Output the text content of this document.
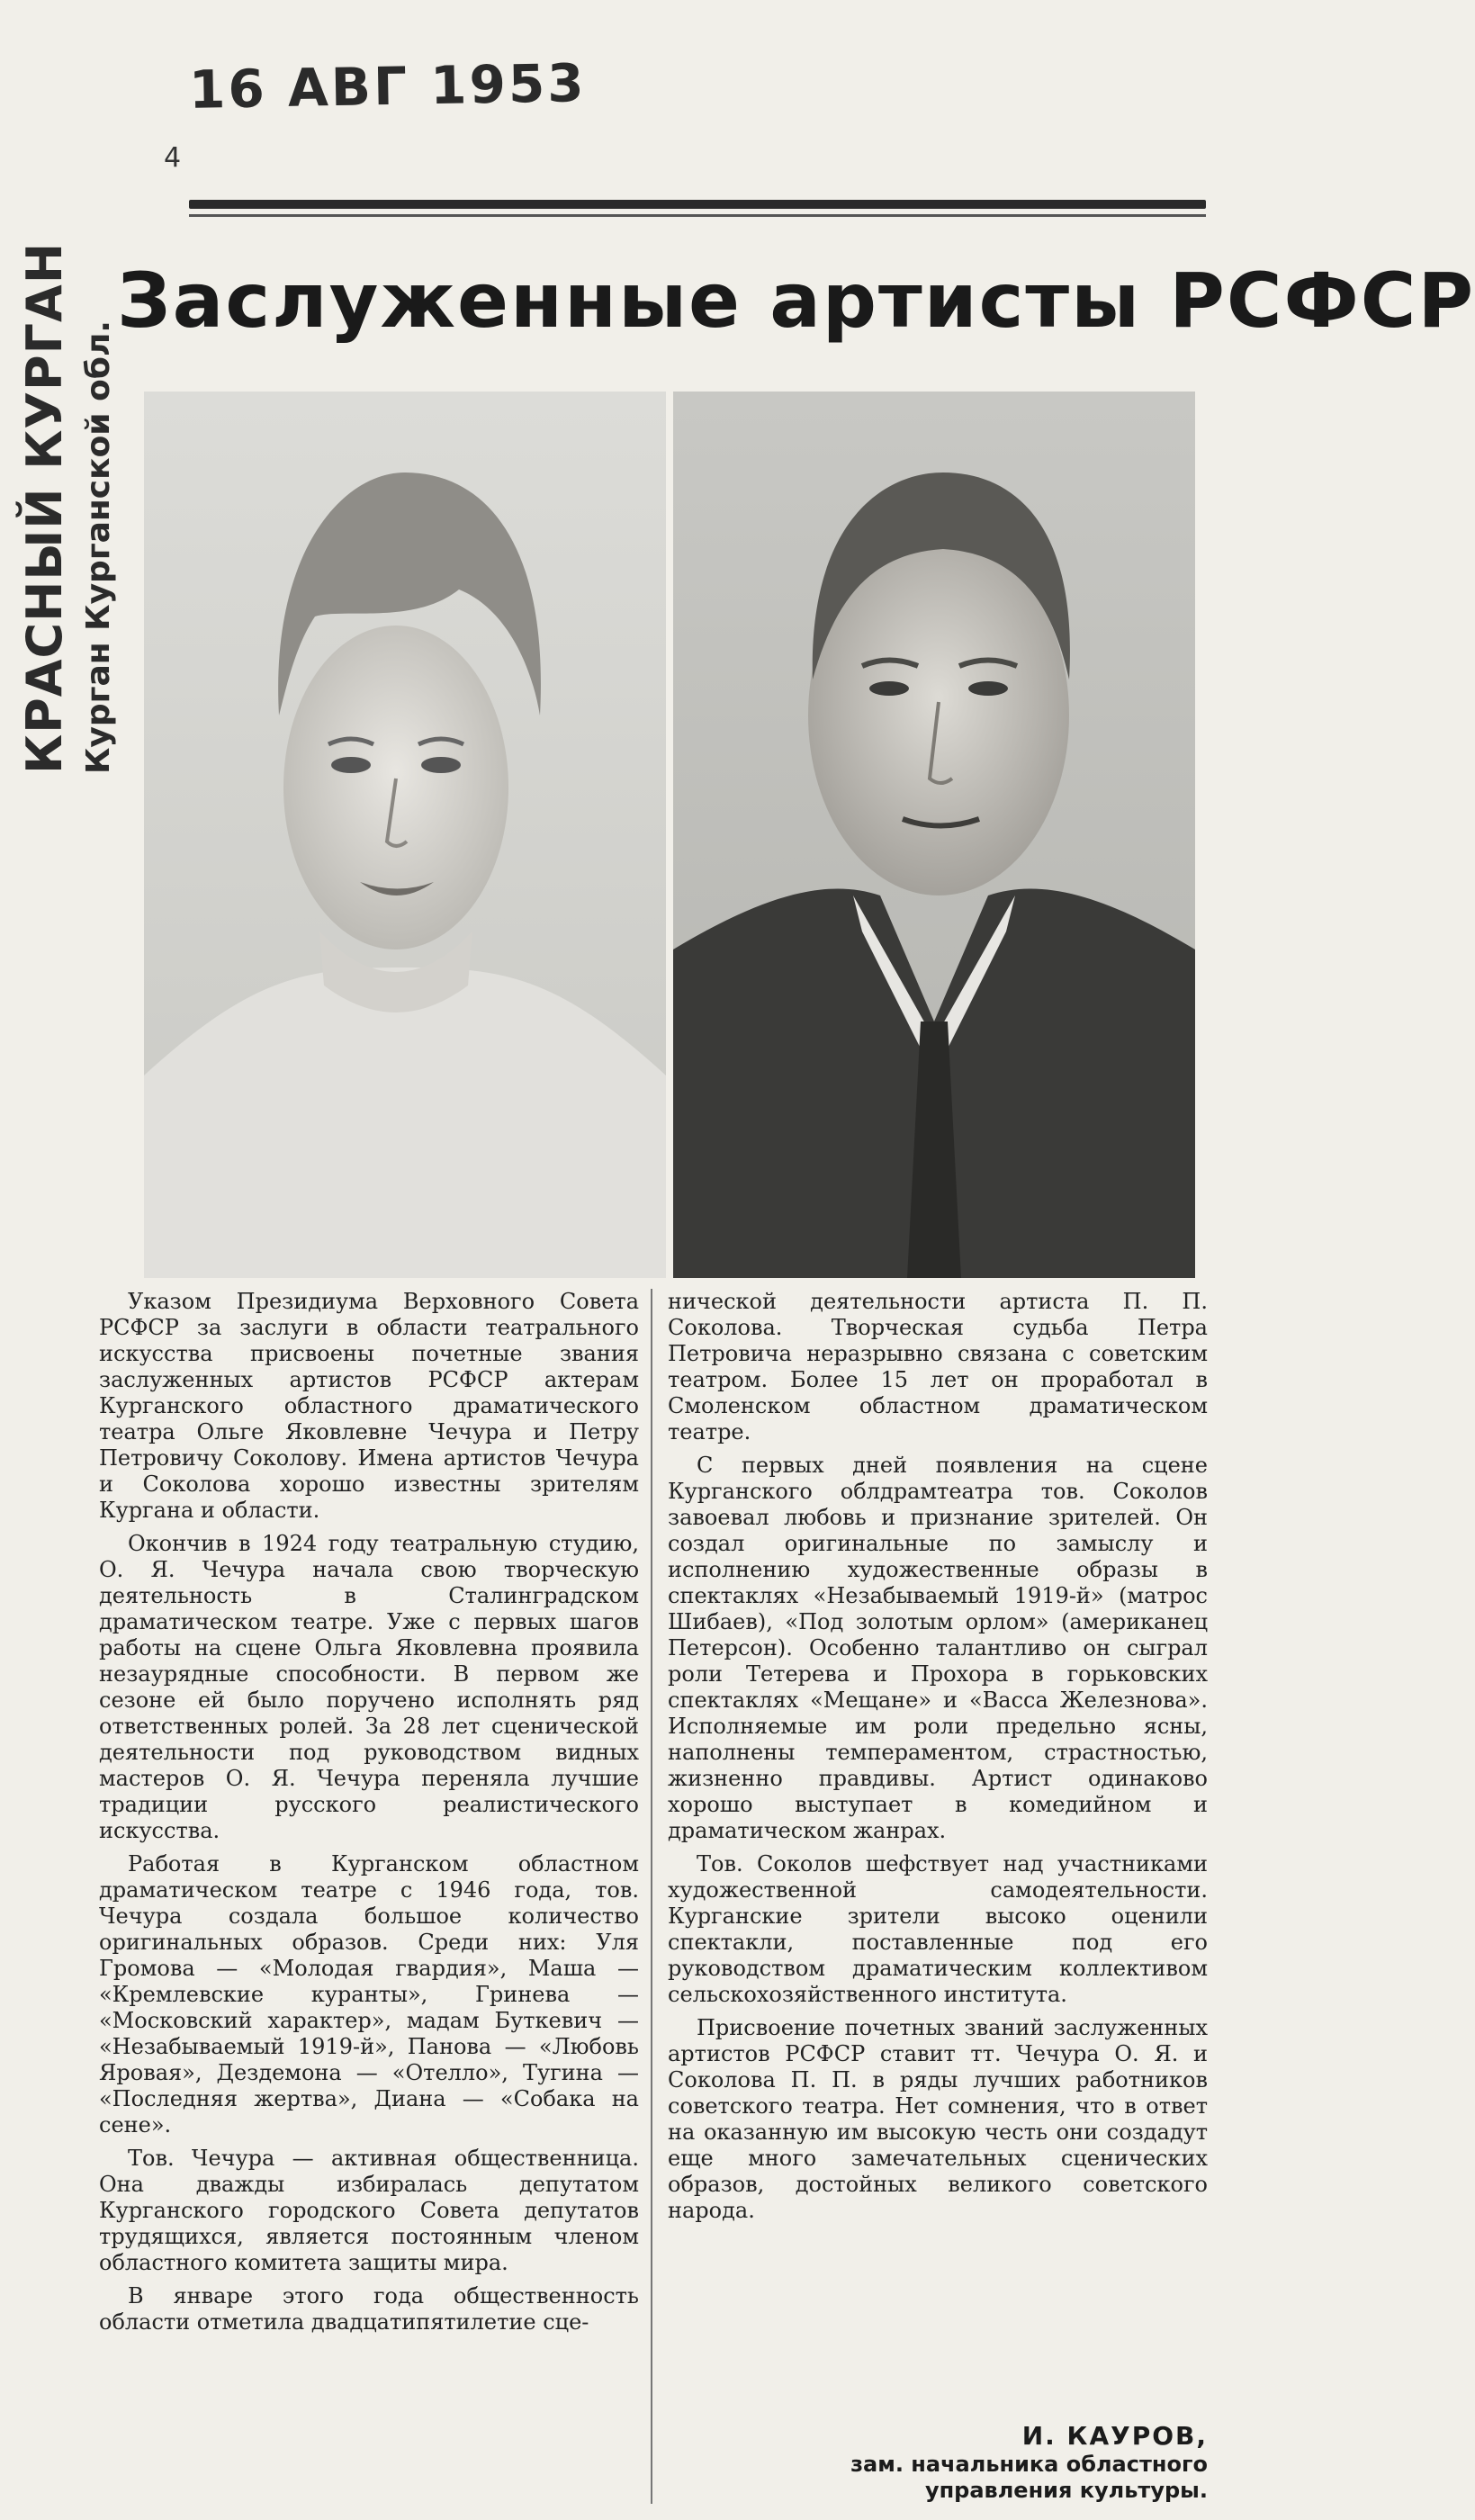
16 АВГ 1953
4
КРАСНЫЙ КУРГАН Курган Курганской обл.
Заслуженные артисты РСФСР

Указом Президиума Верховного Совета РСФСР за заслуги в области театрального искусства присвоены почетные звания заслуженных артистов РСФСР актерам Курганского областного драматического театра Ольге Яковлевне Чечура и Петру Петровичу Соколову. Имена артистов Чечура и Соколова хорошо известны зрителям Кургана и области.

Окончив в 1924 году театральную студию, О. Я. Чечура начала свою творческую деятельность в Сталинградском драматическом театре. Уже с первых шагов работы на сцене Ольга Яковлевна проявила незаурядные способности. В первом же сезоне ей было поручено исполнять ряд ответственных ролей. За 28 лет сценической деятельности под руководством видных мастеров О. Я. Чечура переняла лучшие традиции русского реалистического искусства.

Работая в Курганском областном драматическом театре с 1946 года, тов. Чечура создала большое количество оригинальных образов. Среди них: Уля Громова — «Молодая гвардия», Маша — «Кремлевские куранты», Гринева — «Московский характер», мадам Буткевич — «Незабываемый 1919-й», Панова — «Любовь Яровая», Дездемона — «Отелло», Тугина — «Последняя жертва», Диана — «Собака на сене».

Тов. Чечура — активная общественница. Она дважды избиралась депутатом Курганского городского Совета депутатов трудящихся, является постоянным членом областного комитета защиты мира.

В январе этого года общественность области отметила двадцатипятилетие сце-

нической деятельности артиста П. П. Соколова. Творческая судьба Петра Петровича неразрывно связана с советским театром. Более 15 лет он проработал в Смоленском областном драматическом театре.

С первых дней появления на сцене Курганского облдрамтеатра тов. Соколов завоевал любовь и признание зрителей. Он создал оригинальные по замыслу и исполнению художественные образы в спектаклях «Незабываемый 1919-й» (матрос Шибаев), «Под золотым орлом» (американец Петерсон). Особенно талантливо он сыграл роли Тетерева и Прохора в горьковских спектаклях «Мещане» и «Васса Железнова». Исполняемые им роли предельно ясны, наполнены темпераментом, страстностью, жизненно правдивы. Артист одинаково хорошо выступает в комедийном и драматическом жанрах.

Тов. Соколов шефствует над участниками художественной самодеятельности. Курганские зрители высоко оценили спектакли, поставленные под его руководством драматическим коллективом сельскохозяйственного института.

Присвоение почетных званий заслуженных артистов РСФСР ставит тт. Чечура О. Я. и Соколова П. П. в ряды лучших работников советского театра. Нет сомнения, что в ответ на оказанную им высокую честь они создадут еще много замечательных сценических образов, достойных великого советского народа.

И. КАУРОВ,
зам. начальника областного
управления культуры.
